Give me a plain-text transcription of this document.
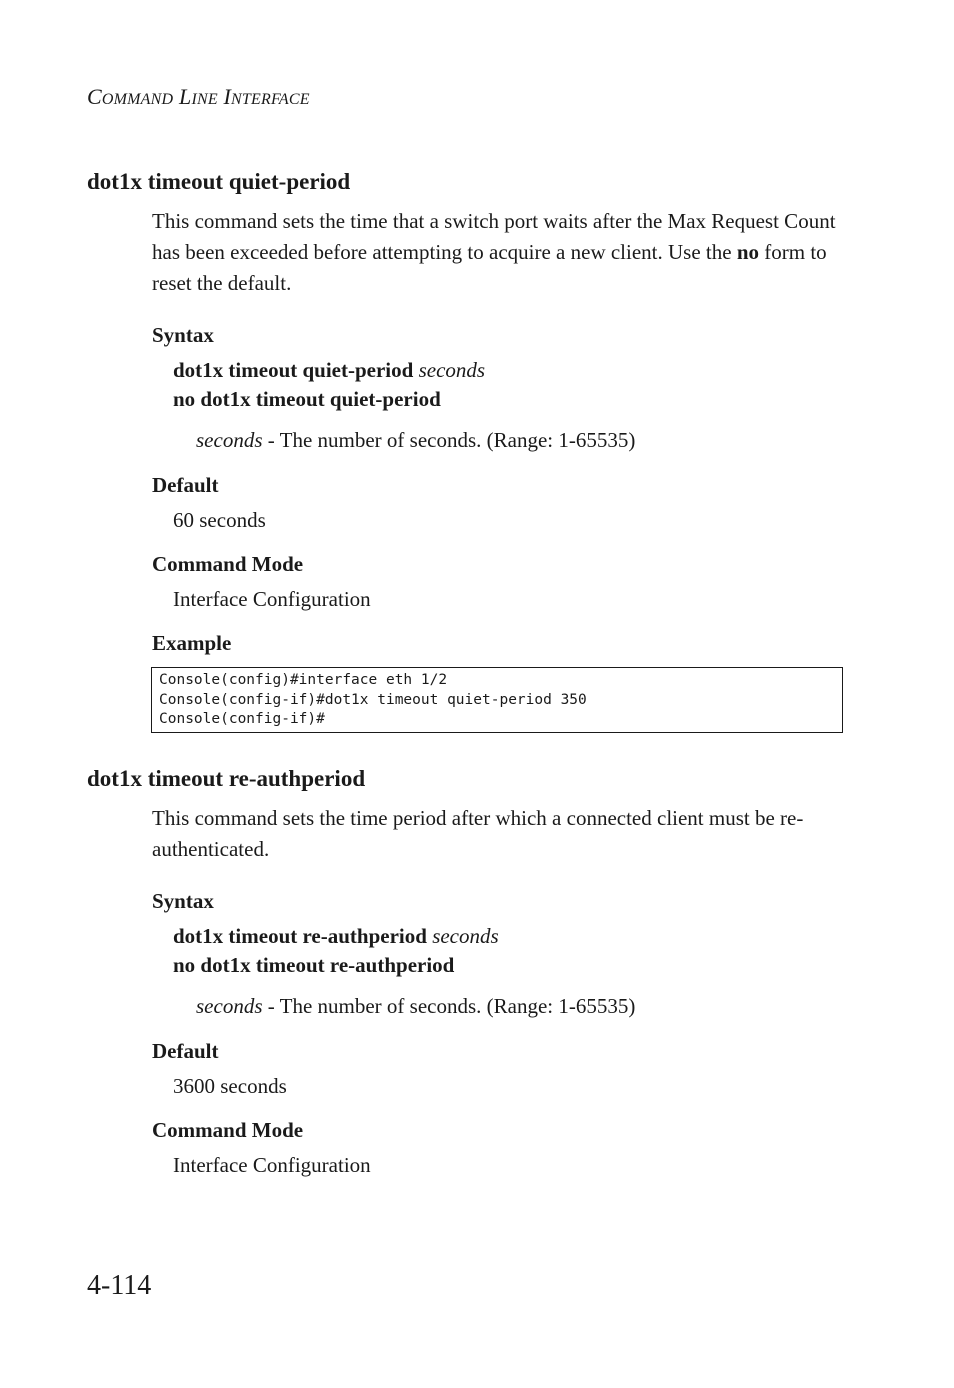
COMMAND LINE INTERFACE
dot1x timeout quiet-period
This command sets the time that a switch port waits after the Max Request Count has been exceeded before attempting to acquire a new client. Use the no form to reset the default.
Syntax
dot1x timeout quiet-period seconds
no dot1x timeout quiet-period
seconds - The number of seconds. (Range: 1-65535)
Default
60 seconds
Command Mode
Interface Configuration
Example
Console(config)#interface eth 1/2
Console(config-if)#dot1x timeout quiet-period 350
Console(config-if)#
dot1x timeout re-authperiod
This command sets the time period after which a connected client must be re-authenticated.
Syntax
dot1x timeout re-authperiod seconds
no dot1x timeout re-authperiod
seconds - The number of seconds. (Range: 1-65535)
Default
3600 seconds
Command Mode
Interface Configuration
4-114
